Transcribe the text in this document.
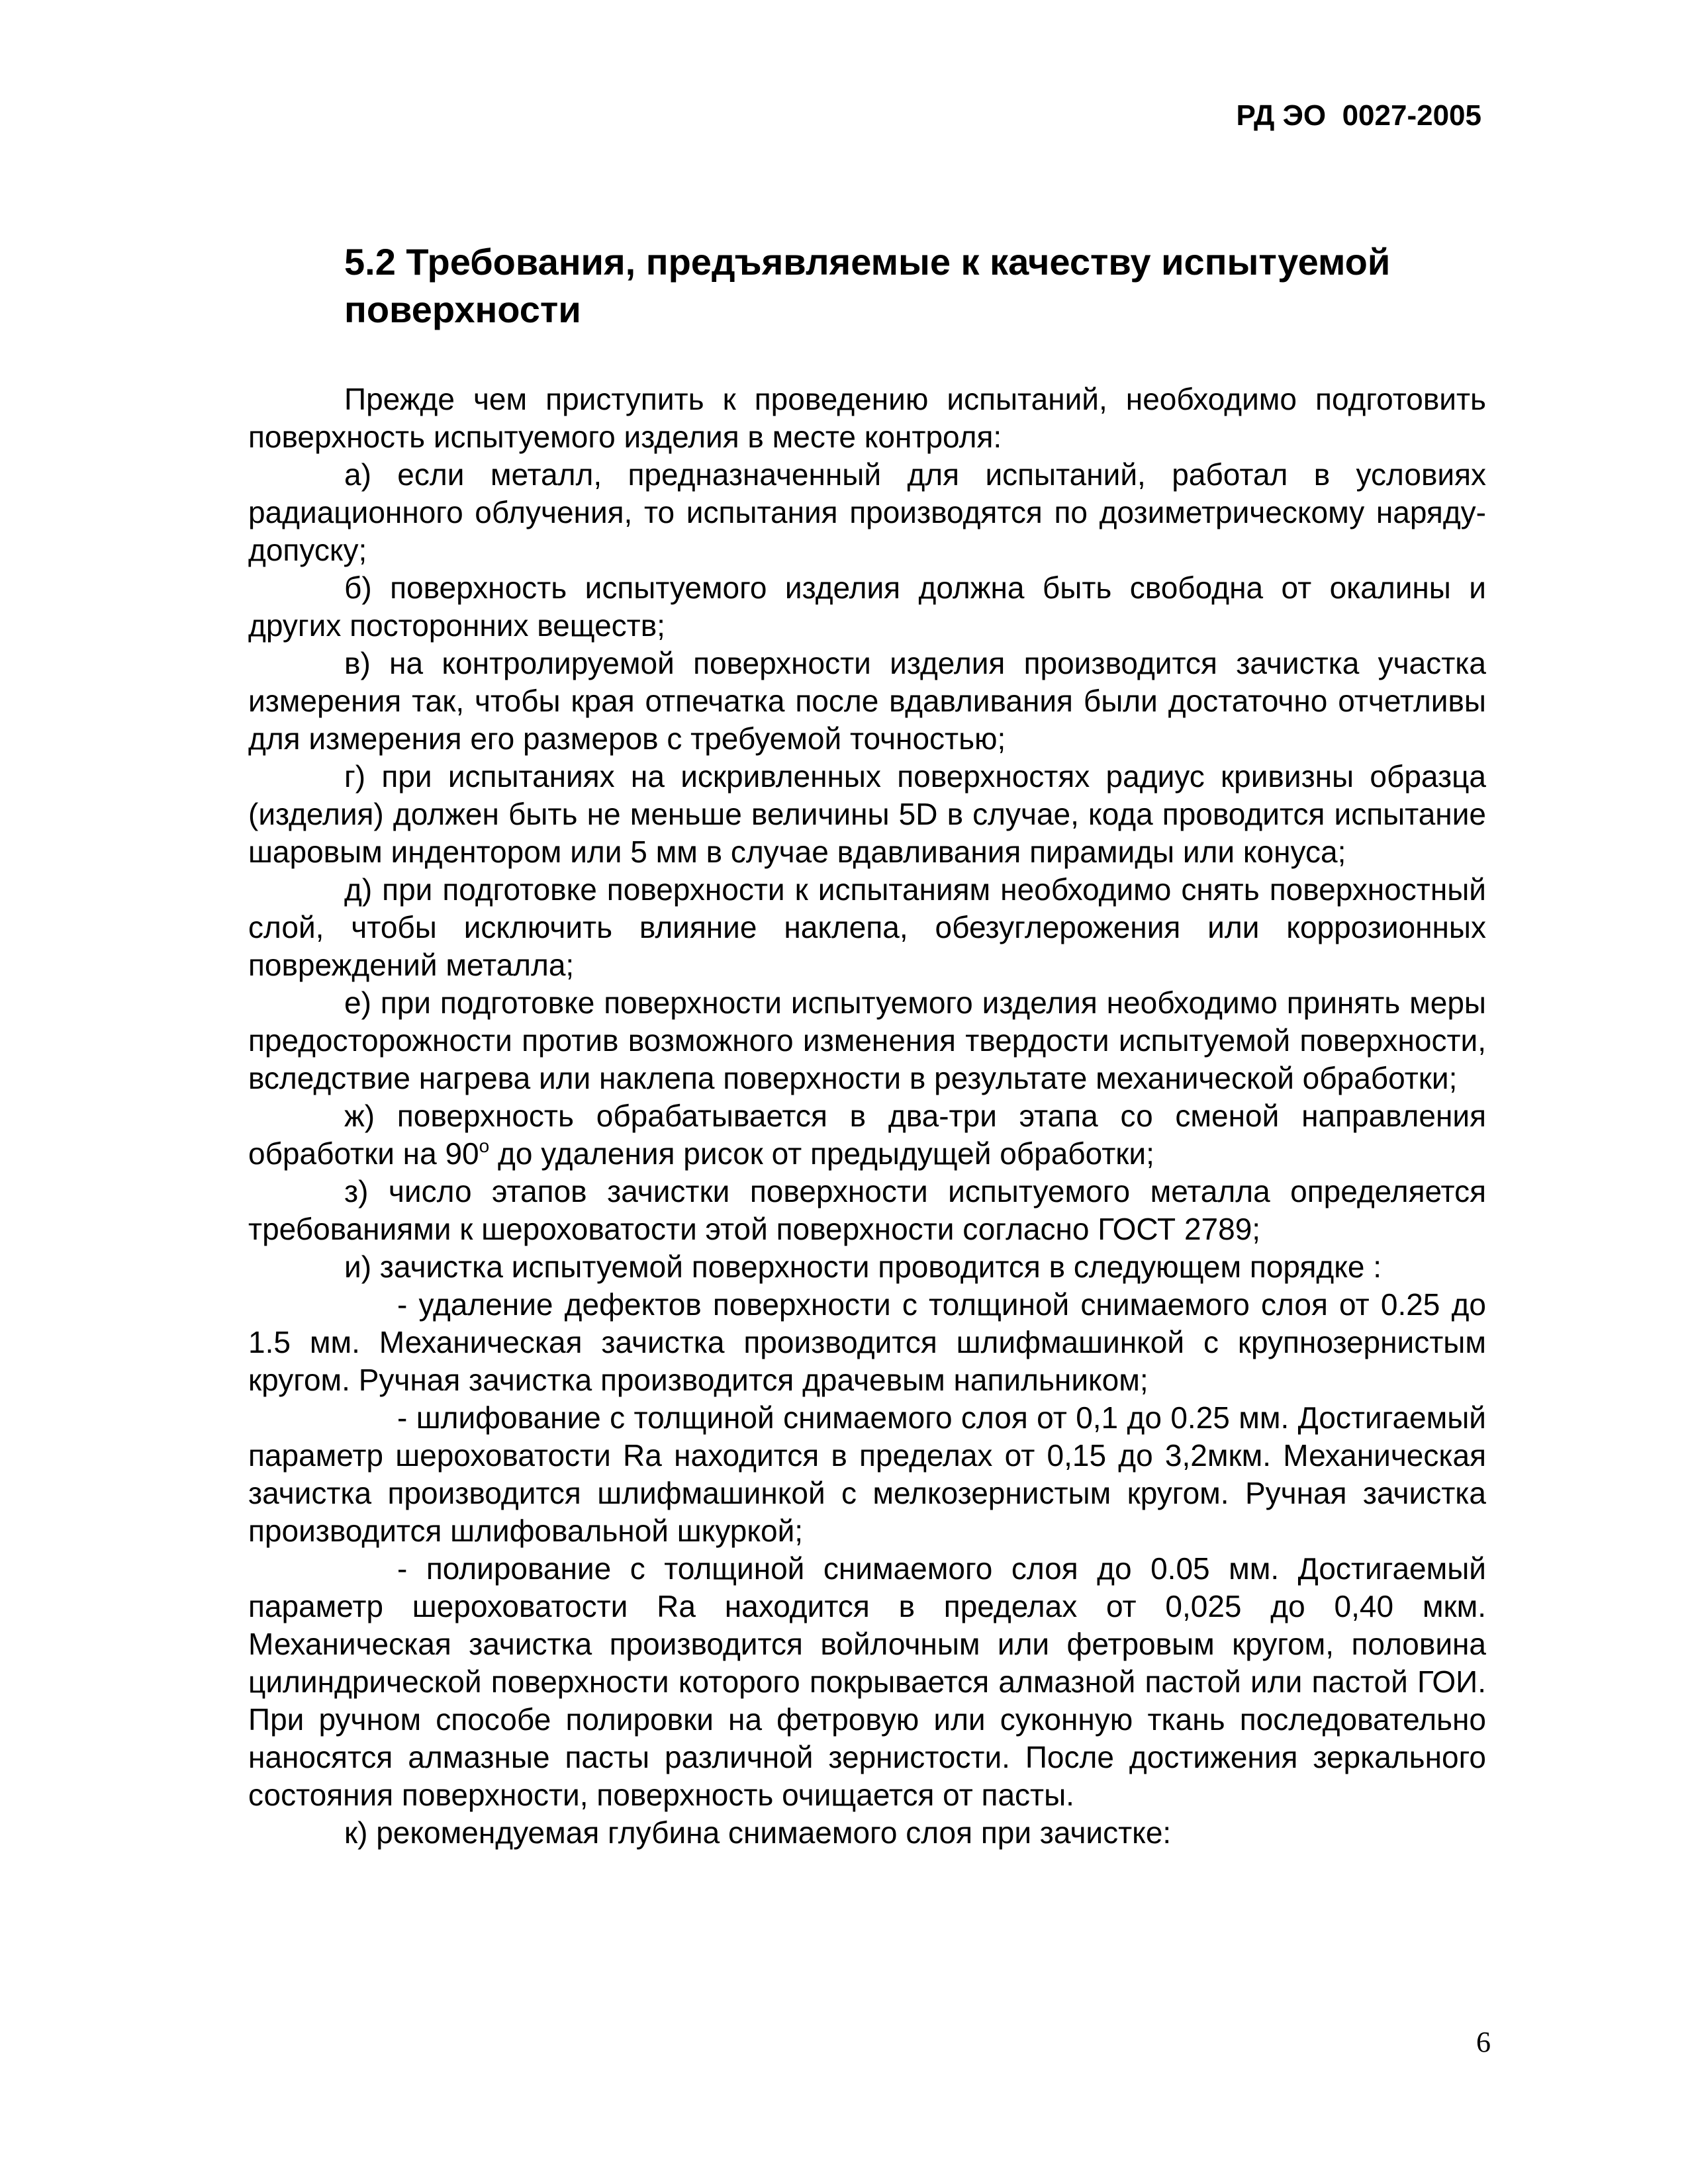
РД ЭО  0027-2005
5.2 Требования, предъявляемые к качеству испытуемой поверхности

Прежде чем приступить к проведению испытаний, необходимо подготовить поверхность испытуемого изделия в месте контроля:

а) если металл, предназначенный для испытаний, работал в условиях радиационного облучения, то испытания производятся по дозиметрическому наряду-допуску;

б) поверхность испытуемого изделия должна быть свободна от окалины и других посторонних веществ;

в) на контролируемой поверхности изделия производится зачистка участка измерения так, чтобы края отпечатка после вдавливания были достаточно отчетливы для измерения его размеров с требуемой точностью;

г) при испытаниях на искривленных поверхностях радиус кривизны образца (изделия) должен быть не меньше величины 5D в случае, кода проводится испытание шаровым индентором или 5 мм в случае вдавливания пирамиды или конуса;

д) при подготовке поверхности к испытаниям необходимо снять поверхностный слой, чтобы исключить влияние наклепа, обезуглерожения или коррозионных повреждений металла;

е) при подготовке поверхности испытуемого изделия необходимо принять меры предосторожности против возможного изменения твердости испытуемой поверхности, вследствие нагрева или наклепа поверхности в результате механической обработки;

ж) поверхность обрабатывается в два-три этапа со сменой направления обработки на $90^о$ до удаления рисок от предыдущей обработки;

з) число этапов зачистки поверхности испытуемого металла определяется требованиями к шероховатости этой поверхности согласно ГОСТ 2789;

и) зачистка испытуемой поверхности проводится в следующем порядке :

- удаление дефектов поверхности с толщиной снимаемого слоя от 0.25 до 1.5 мм. Механическая зачистка производится шлифмашинкой с крупнозернистым кругом. Ручная зачистка производится драчевым напильником;

- шлифование с толщиной снимаемого слоя от 0,1 до 0.25 мм. Достигаемый параметр шероховатости Ra находится в пределах от 0,15 до 3,2мкм. Механическая зачистка производится шлифмашинкой с мелкозернистым кругом. Ручная зачистка производится шлифовальной шкуркой;

- полирование с толщиной снимаемого слоя до 0.05 мм. Достигаемый параметр шероховатости Ra находится в пределах от 0,025 до 0,40 мкм. Механическая зачистка производится войлочным или фетровым кругом, половина цилиндрической поверхности которого покрывается алмазной пастой или пастой ГОИ. При ручном способе полировки на фетровую или суконную ткань последовательно наносятся алмазные пасты различной зернистости. После достижения зеркального состояния поверхности, поверхность очищается от пасты.

к) рекомендуемая глубина снимаемого слоя при зачистке:

6
